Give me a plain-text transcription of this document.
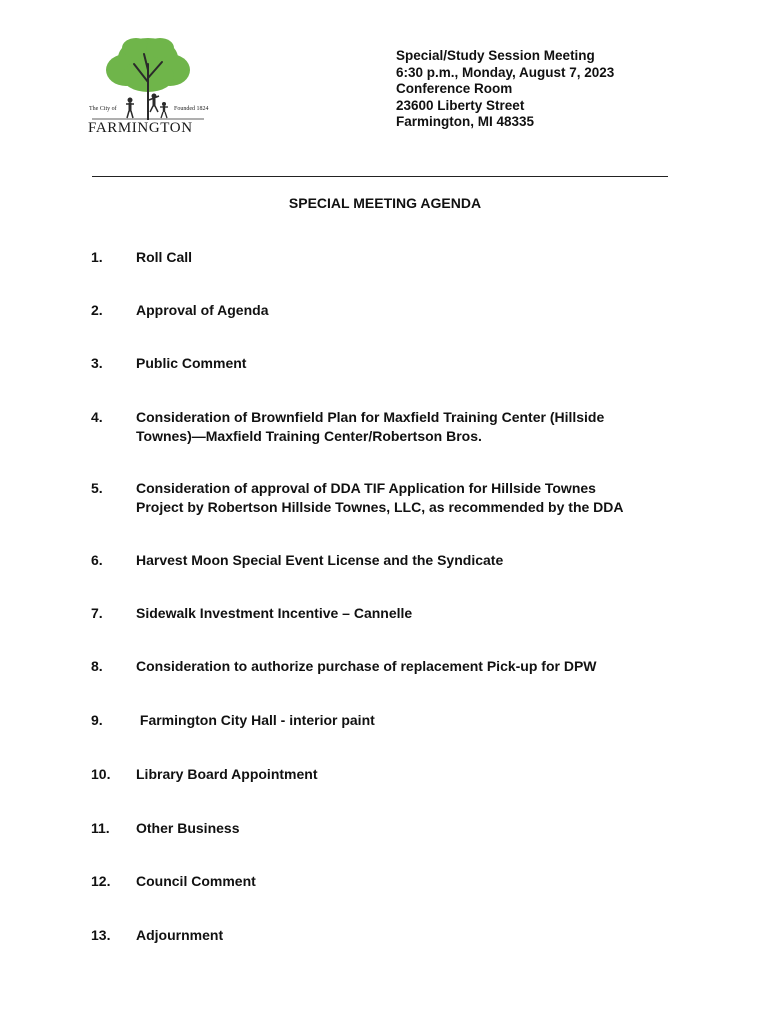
The City of	Founded 1824
FARMINGTON
Special/Study Session Meeting
6:30 p.m., Monday, August 7, 2023
Conference Room
23600 Liberty Street
Farmington, MI 48335
SPECIAL MEETING AGENDA
1. Roll Call
2. Approval of Agenda
3. Public Comment
4. Consideration of Brownfield Plan for Maxfield Training Center (Hillside
Townes)—Maxfield Training Center/Robertson Bros.
5. Consideration of approval of DDA TIF Application for Hillside Townes
Project by Robertson Hillside Townes, LLC, as recommended by the DDA
6. Harvest Moon Special Event License and the Syndicate
7. Sidewalk Investment Incentive – Cannelle
8. Consideration to authorize purchase of replacement Pick-up for DPW
9. Farmington City Hall - interior paint
10. Library Board Appointment
11. Other Business
12. Council Comment
13. Adjournment
